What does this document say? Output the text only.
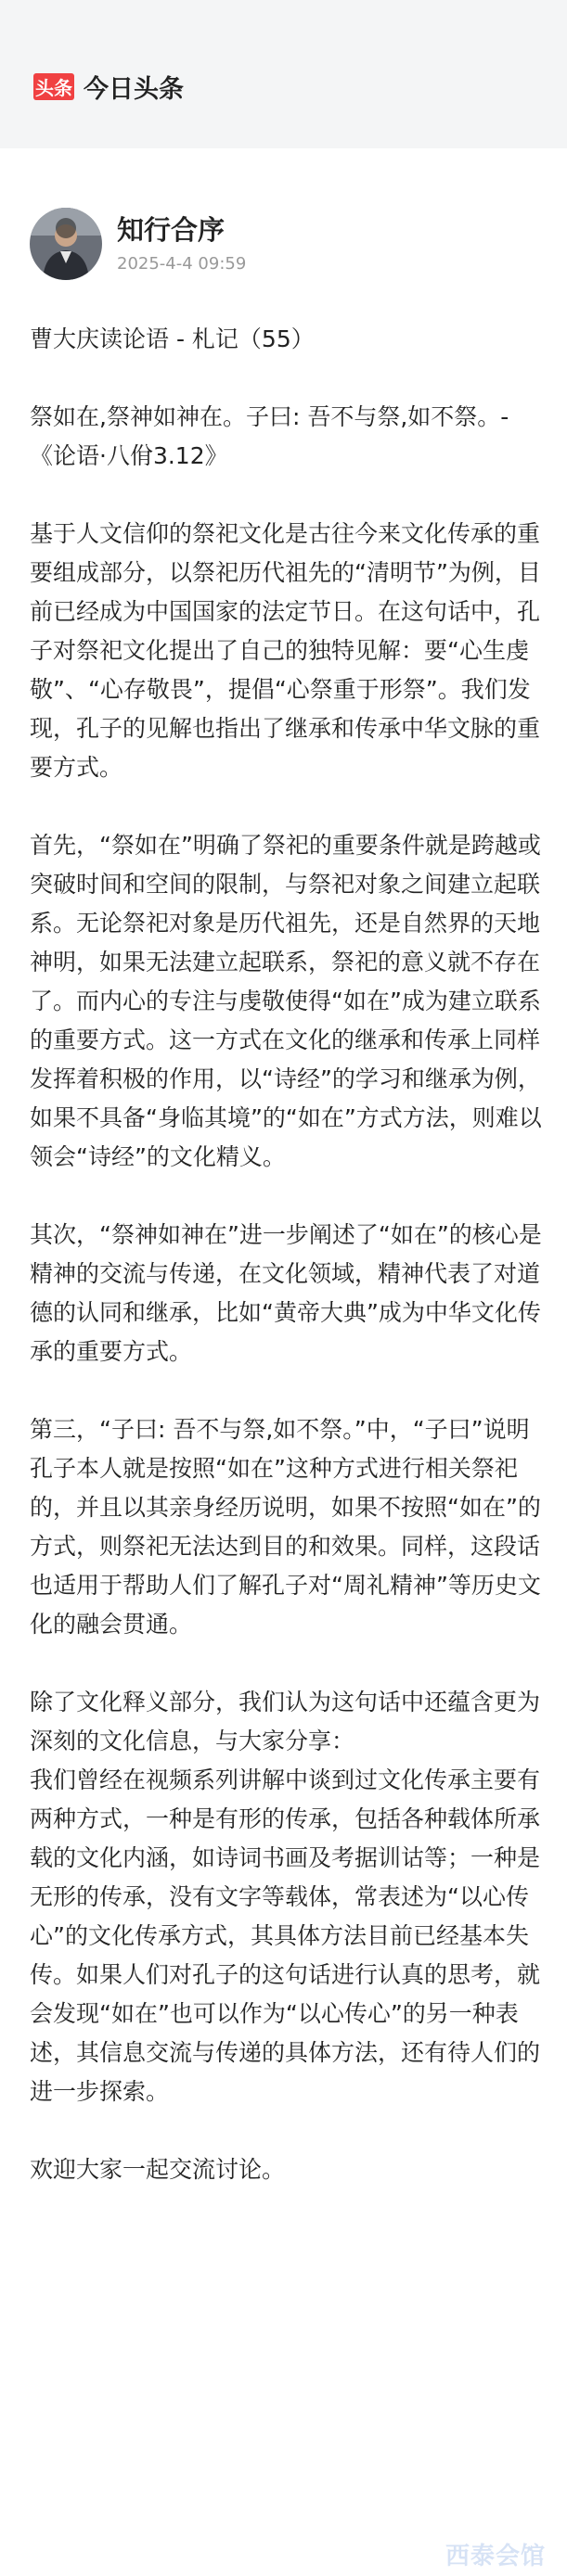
头条 今日头条
知行合序
2025-4-4 09:59

曹大庆读论语 - 札记（55）

祭如在,祭神如神在。子曰: 吾不与祭,如不祭。- 《论语·八佾3.12》

基于人文信仰的祭祀文化是古往今来文化传承的重要组成部分，以祭祀历代祖先的“清明节”为例，目前已经成为中国国家的法定节日。在这句话中，孔子对祭祀文化提出了自己的独特见解：要“心生虔敬”、“心存敬畏”，提倡“心祭重于形祭”。我们发现，孔子的见解也指出了继承和传承中华文脉的重要方式。

首先，“祭如在”明确了祭祀的重要条件就是跨越或突破时间和空间的限制，与祭祀对象之间建立起联系。无论祭祀对象是历代祖先，还是自然界的天地神明，如果无法建立起联系，祭祀的意义就不存在了。而内心的专注与虔敬使得“如在”成为建立联系的重要方式。这一方式在文化的继承和传承上同样发挥着积极的作用，以“诗经”的学习和继承为例，如果不具备“身临其境”的“如在”方式方法，则难以领会“诗经”的文化精义。

其次，“祭神如神在”进一步阐述了“如在”的核心是精神的交流与传递，在文化领域，精神代表了对道德的认同和继承，比如“黄帝大典”成为中华文化传承的重要方式。

第三，“子曰: 吾不与祭,如不祭。”中，“子曰”说明孔子本人就是按照“如在”这种方式进行相关祭祀的，并且以其亲身经历说明，如果不按照“如在”的方式，则祭祀无法达到目的和效果。同样，这段话也适用于帮助人们了解孔子对“周礼精神”等历史文化的融会贯通。

除了文化释义部分，我们认为这句话中还蕴含更为深刻的文化信息，与大家分享：

我们曾经在视频系列讲解中谈到过文化传承主要有两种方式，一种是有形的传承，包括各种载体所承载的文化内涵，如诗词书画及考据训诂等；一种是无形的传承，没有文字等载体，常表述为“以心传心”的文化传承方式，其具体方法目前已经基本失传。如果人们对孔子的这句话进行认真的思考，就会发现“如在”也可以作为“以心传心”的另一种表述，其信息交流与传递的具体方法，还有待人们的进一步探索。

欢迎大家一起交流讨论。

西泰会馆
